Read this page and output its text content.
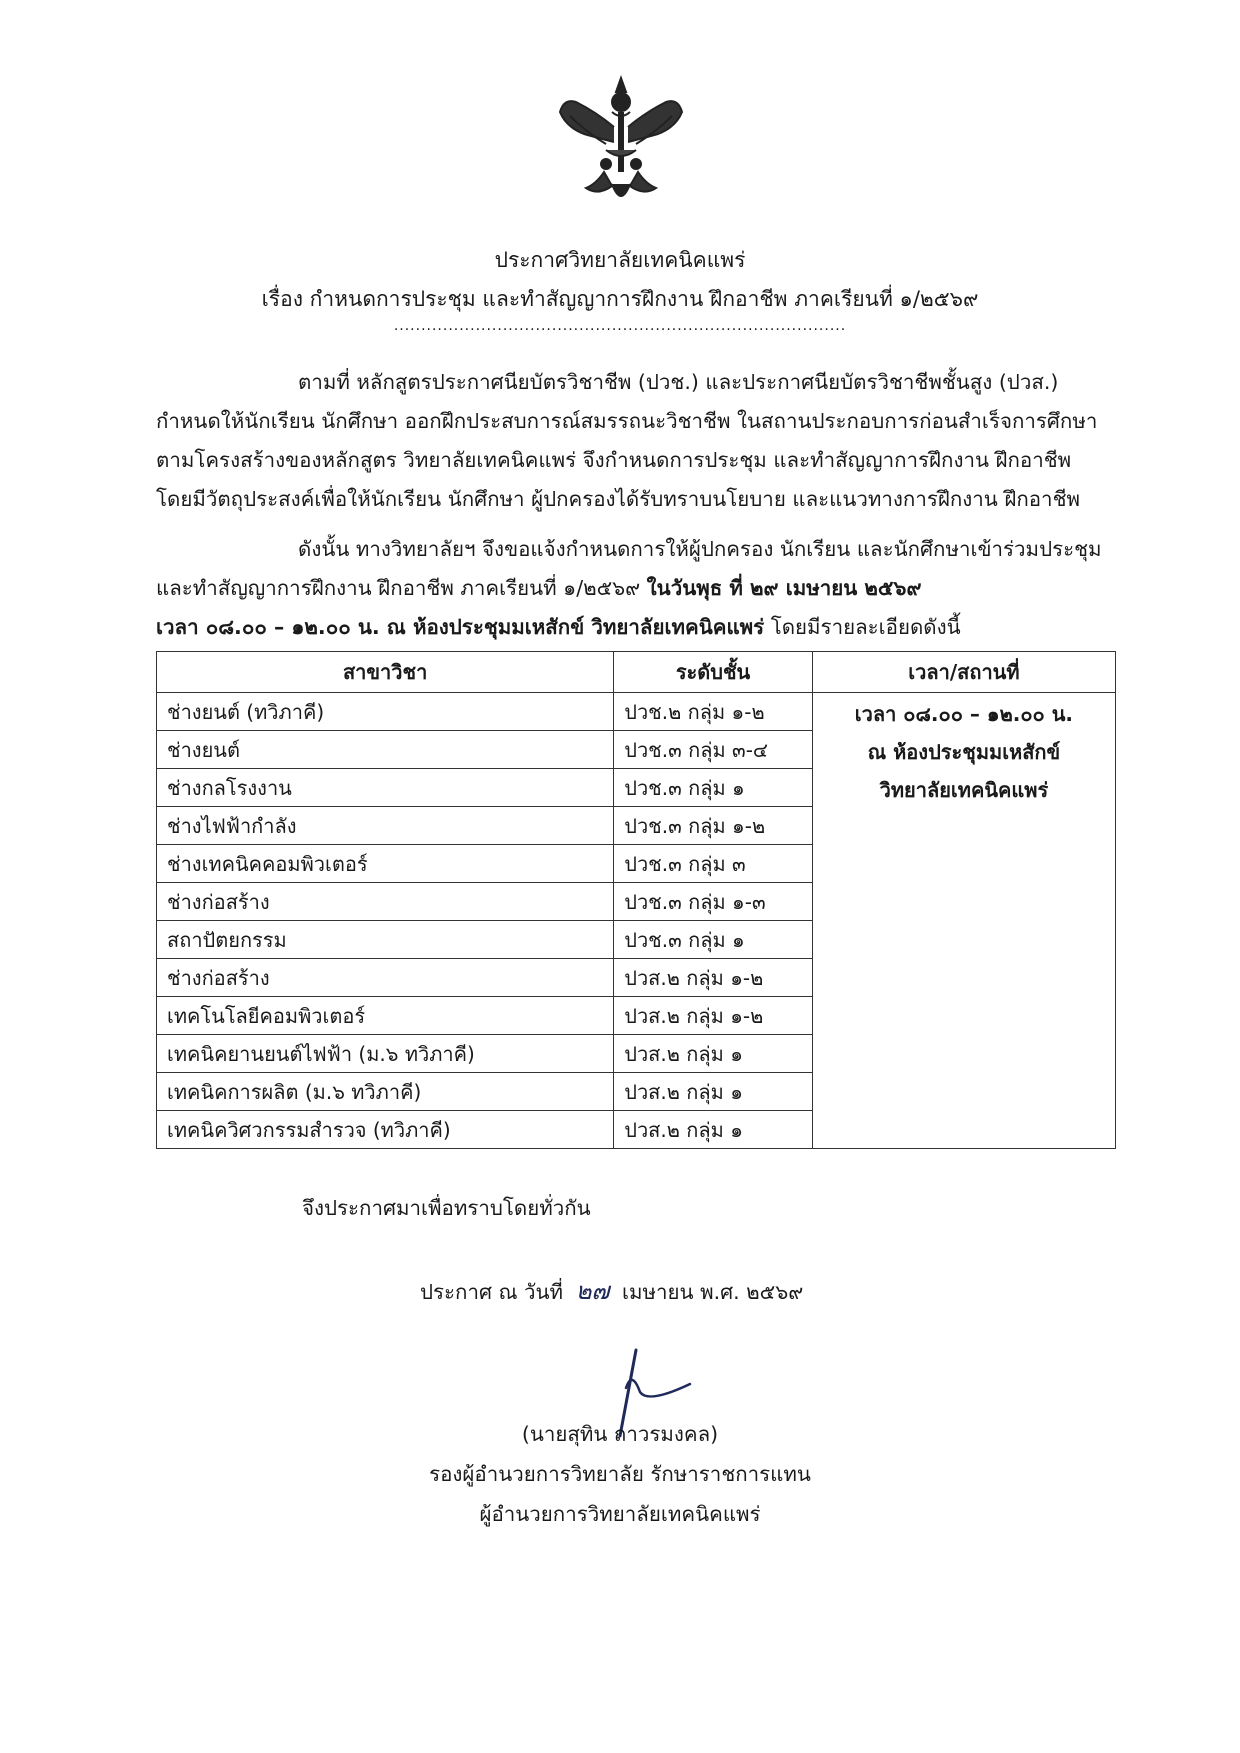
ประกาศวิทยาลัยเทคนิคแพร่
เรื่อง กำหนดการประชุม และทำสัญญาการฝึกงาน ฝึกอาชีพ ภาคเรียนที่ ๑/๒๕๖๙
...................................................................................
ตามที่ หลักสูตรประกาศนียบัตรวิชาชีพ (ปวช.) และประกาศนียบัตรวิชาชีพชั้นสูง (ปวส.)
กำหนดให้นักเรียน นักศึกษา ออกฝึกประสบการณ์สมรรถนะวิชาชีพ ในสถานประกอบการก่อนสำเร็จการศึกษา
ตามโครงสร้างของหลักสูตร วิทยาลัยเทคนิคแพร่ จึงกำหนดการประชุม และทำสัญญาการฝึกงาน ฝึกอาชีพ
โดยมีวัตถุประสงค์เพื่อให้นักเรียน นักศึกษา ผู้ปกครองได้รับทราบนโยบาย และแนวทางการฝึกงาน ฝึกอาชีพ
ดังนั้น ทางวิทยาลัยฯ จึงขอแจ้งกำหนดการให้ผู้ปกครอง นักเรียน และนักศึกษาเข้าร่วมประชุม
และทำสัญญาการฝึกงาน ฝึกอาชีพ ภาคเรียนที่ ๑/๒๕๖๙ ในวันพุธ ที่ ๒๙ เมษายน ๒๕๖๙
เวลา ๐๘.๐๐ – ๑๒.๐๐ น. ณ ห้องประชุมมเหสักข์ วิทยาลัยเทคนิคแพร่ โดยมีรายละเอียดดังนี้
สาขาวิชา	ระดับชั้น	เวลา/สถานที่
ช่างยนต์ (ทวิภาคี)	ปวช.๒ กลุ่ม ๑-๒	เวลา ๐๘.๐๐ – ๑๒.๐๐ น.
ณ ห้องประชุมมเหสักข์
วิทยาลัยเทคนิคแพร่

ช่างยนต์	ปวช.๓ กลุ่ม ๓-๔	
ช่างกลโรงงาน	ปวช.๓ กลุ่ม ๑	
ช่างไฟฟ้ากำลัง	ปวช.๓ กลุ่ม ๑-๒	
ช่างเทคนิคคอมพิวเตอร์	ปวช.๓ กลุ่ม ๓	
ช่างก่อสร้าง	ปวช.๓ กลุ่ม ๑-๓	
สถาปัตยกรรม	ปวช.๓ กลุ่ม ๑	
ช่างก่อสร้าง	ปวส.๒ กลุ่ม ๑-๒	
เทคโนโลยีคอมพิวเตอร์	ปวส.๒ กลุ่ม ๑-๒	
เทคนิคยานยนต์ไฟฟ้า (ม.๖ ทวิภาคี)	ปวส.๒ กลุ่ม ๑	
เทคนิคการผลิต (ม.๖ ทวิภาคี)	ปวส.๒ กลุ่ม ๑	
เทคนิควิศวกรรมสำรวจ (ทวิภาคี)	ปวส.๒ กลุ่ม ๑	
จึงประกาศมาเพื่อทราบโดยทั่วกัน
ประกาศ ณ วันที่ ๒๗ เมษายน พ.ศ. ๒๕๖๙
(นายสุทิน ถาวรมงคล)
รองผู้อำนวยการวิทยาลัย รักษาราชการแทน
ผู้อำนวยการวิทยาลัยเทคนิคแพร่
